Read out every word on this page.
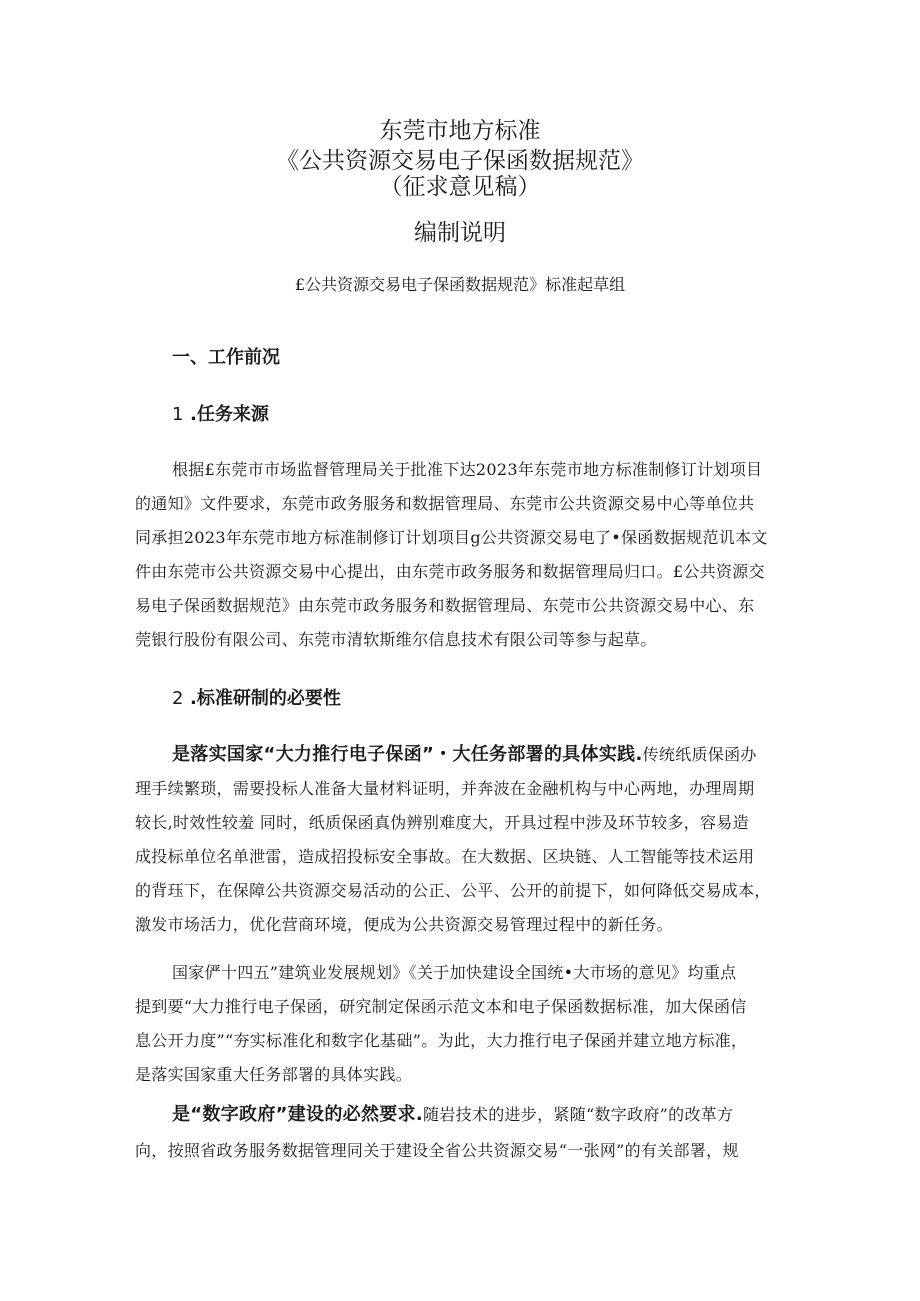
东莞市地方标准
《公共资源交易电子保函数据规范》
（征求意见稿）
编制说明
£公共资源交易电子保函数据规范》标准起草组
一、工作前况
1 .任务来源
根据£东莞市市场监督管理局关于批准下达2023年东莞市地方标准制修订计划项目
的通知》文件要求，东莞市政务服务和数据管理局、东莞市公共资源交易中心等单位共
同承担2023年东莞市地方标准制修订计划项目g公共资源交易电了•保函数据规范讥本文
件由东莞市公共资源交易中心提出，由东莞市政务服务和数据管理局归口。£公共资源交
易电子保函数据规范》由东莞市政务服务和数据管理局、东莞市公共资源交易中心、东
莞银行股份有限公司、东莞市清软斯维尔信息技术有限公司等参与起草。
2 .标准研制的必要性
是落实国家“大力推行电子保函”・大任务部署的具体实践.传统纸质保函办
理手续繁琐，需要投标人准备大量材料证明，并奔波在金融机构与中心两地，办理周期
较长,时效性较羞 同时，纸质保函真伪辨别难度大，开具过程中涉及环节较多，容易造
成投标单位名单泄雷，造成招投标安全事故。在大数据、区块链、人工智能等技术运用
的背珏下，在保障公共资源交易活动的公正、公平、公开的前提下，如何降低交易成本，
激发市场活力，优化营商环境，便成为公共资源交易管理过程中的新任务。
国家俨十四五”建筑业发展规划》《关于加快建设全国统•大市场的意见》均重点
提到要“大力推行电子保函，研究制定保函示范文本和电子保函数据标准，加大保函信
息公开力度”“夯实标准化和数字化基础”。为此，大力推行电子保函并建立地方标准，
是落实国家重大任务部署的具体实践。
是“数字政府”建设的必然要求.随岩技术的进步，紧随“数字政府”的改革方
向，按照省政务服务数据管理同关于建设全省公共资源交易“一张网”的有关部署，规
